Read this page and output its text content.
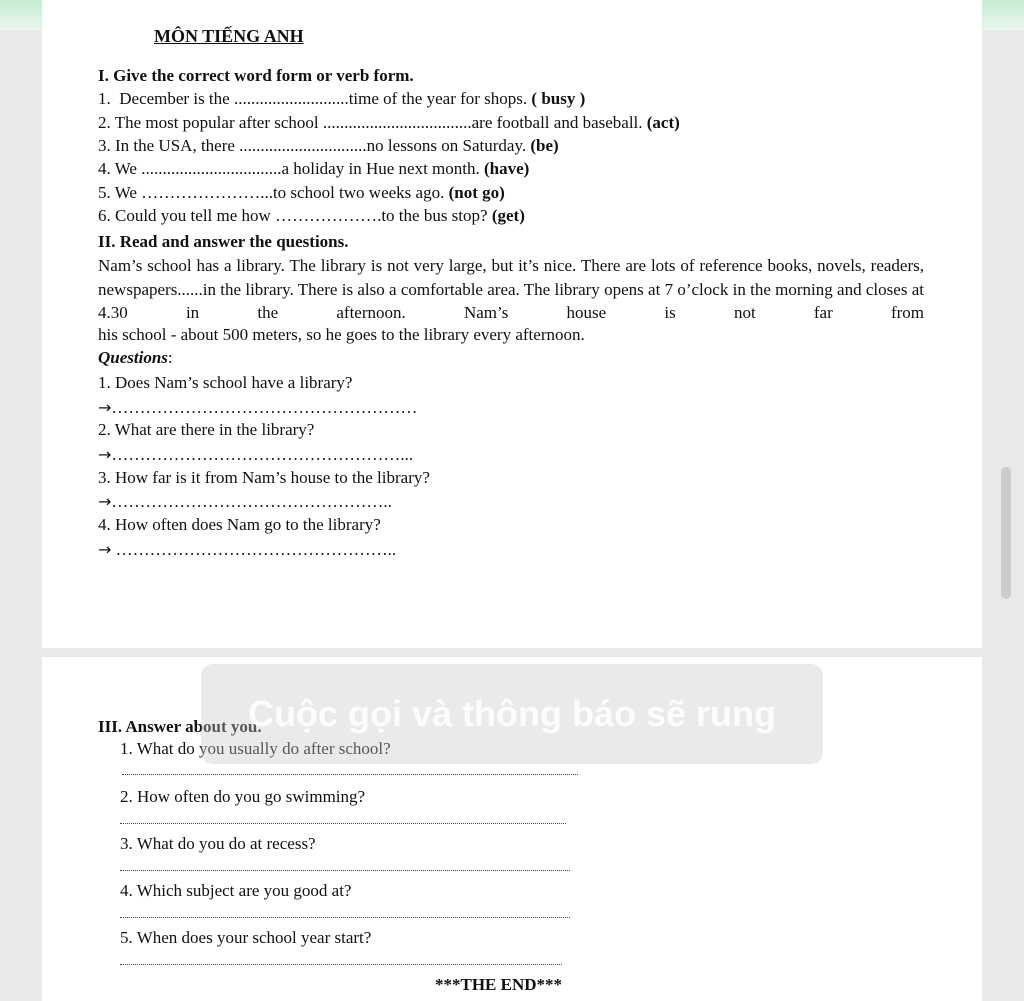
MÔN TIẾNG ANH
I. Give the correct word form or verb form.
1.  December is the ...........................time of the year for shops. ( busy )
2. The most popular after school ...................................are football and baseball. (act)
3. In the USA, there ..............................no lessons on Saturday. (be)
4. We .................................a holiday in Hue next month. (have)
5. We …………………...to school two weeks ago. (not go)
6. Could you tell me how ……………….to the bus stop? (get)
II. Read and answer the questions.
Nam’s school has a library. The library is not very large, but it’s nice. There are lots of reference books, novels, readers, newspapers......in the library. There is also a comfortable area. The library opens at 7 o’clock in the morning and closes at 4.30 in the afternoon. Nam’s house is not far from
his school - about 500 meters, so he goes to the library every afternoon.
Questions:
1. Does Nam’s school have a library?
→………………………………………………
2. What are there in the library?
→……………………………………………...
3. How far is it from Nam’s house to the library?
→…………………………………………..
4. How often does Nam go to the library?
→ …………………………………………..
III. Answer about you.
1. What do you usually do after school?
2. How often do you go swimming?
3. What do you do at recess?
4. Which subject are you good at?
5. When does your school year start?
***THE END***
Cuộc gọi và thông báo sẽ rung
